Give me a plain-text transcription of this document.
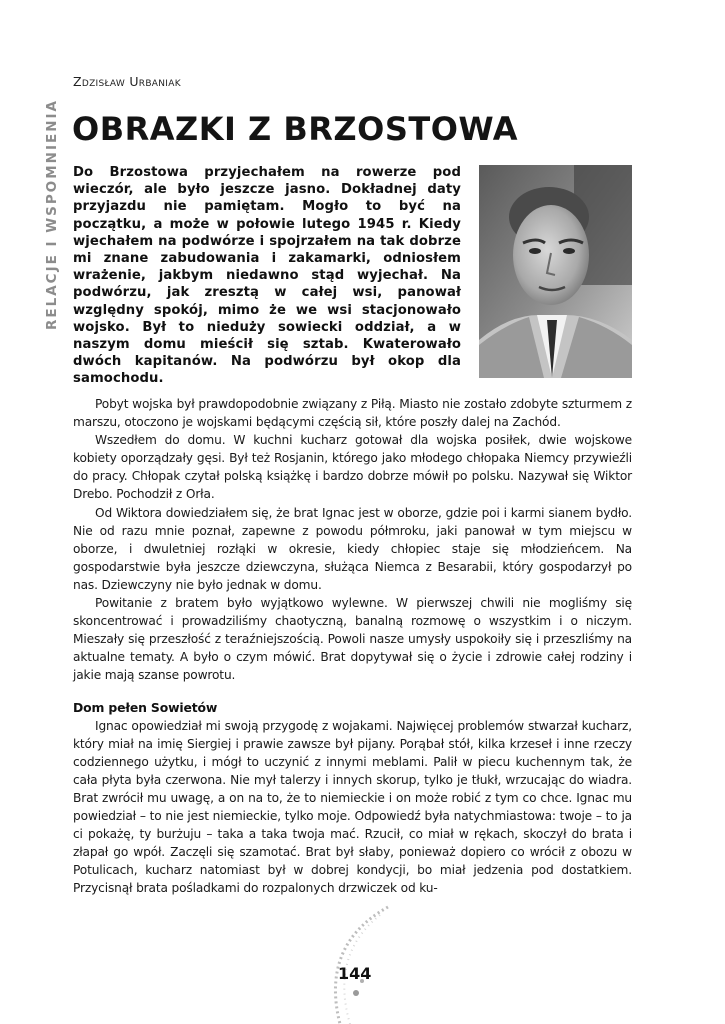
RELACJE I WSPOMNIENIA
Zdzisław Urbaniak
OBRAZKI Z BRZOSTOWA
Do Brzostowa przyjechałem na rowerze pod wieczór, ale było jeszcze jasno. Dokładnej daty przyjazdu nie pamiętam. Mogło to być na początku, a może w połowie lutego 1945 r. Kiedy wjechałem na podwórze i spojrzałem na tak dobrze mi znane zabudowania i zakamarki, odniosłem wrażenie, jakbym niedawno stąd wyjechał. Na podwórzu, jak zresztą w całej wsi, panował względny spokój, mimo że we wsi stacjonowało wojsko. Był to nieduży sowiecki oddział, a w naszym domu mieścił się sztab. Kwaterowało dwóch kapitanów. Na podwórzu był okop dla samochodu.

Pobyt wojska był prawdopodobnie związany z Piłą. Miasto nie zostało zdobyte szturmem z marszu, otoczono je wojskami będącymi częścią sił, które poszły dalej na Zachód.

Wszedłem do domu. W kuchni kucharz gotował dla wojska posiłek, dwie wojskowe kobiety oporządzały gęsi. Był też Rosjanin, którego jako młodego chłopaka Niemcy przywieźli do pracy. Chłopak czytał polską książkę i bardzo dobrze mówił po polsku. Nazywał się Wiktor Drebo. Pochodził z Orła.

Od Wiktora dowiedziałem się, że brat Ignac jest w oborze, gdzie poi i karmi sianem bydło. Nie od razu mnie poznał, zapewne z powodu półmroku, jaki panował w tym miejscu w oborze, i dwuletniej rozłąki w okresie, kiedy chłopiec staje się młodzieńcem. Na gospodarstwie była jeszcze dziewczyna, służąca Niemca z Besarabii, który gospodarzył po nas. Dziewczyny nie było jednak w domu.

Powitanie z bratem było wyjątkowo wylewne. W pierwszej chwili nie mogliśmy się skoncentrować i prowadziliśmy chaotyczną, banalną rozmowę o wszystkim i o niczym. Mieszały się przeszłość z teraźniejszością. Powoli nasze umysły uspokoiły się i przeszliśmy na aktualne tematy. A było o czym mówić. Brat dopytywał się o życie i zdrowie całej rodziny i jakie mają szanse powrotu.

Dom pełen Sowietów

Ignac opowiedział mi swoją przygodę z wojakami. Najwięcej problemów stwarzał kucharz, który miał na imię Siergiej i prawie zawsze był pijany. Porąbał stół, kilka krzeseł i inne rzeczy codziennego użytku, i mógł to uczynić z innymi meblami. Palił w piecu kuchennym tak, że cała płyta była czerwona. Nie mył talerzy i innych skorup, tylko je tłukł, wrzucając do wiadra. Brat zwrócił mu uwagę, a on na to, że to niemieckie i on może robić z tym co chce. Ignac mu powiedział – to nie jest niemieckie, tylko moje. Odpowiedź była natychmiastowa: twoje – to ja ci pokażę, ty burżuju – taka a taka twoja mać. Rzucił, co miał w rękach, skoczył do brata i złapał go wpół. Zaczęli się szamotać. Brat był słaby, ponieważ dopiero co wrócił z obozu w Potulicach, kucharz natomiast był w dobrej kondycji, bo miał jedzenia pod dostatkiem. Przycisnął brata pośladkami do rozpalonych drzwiczek od ku-

144
